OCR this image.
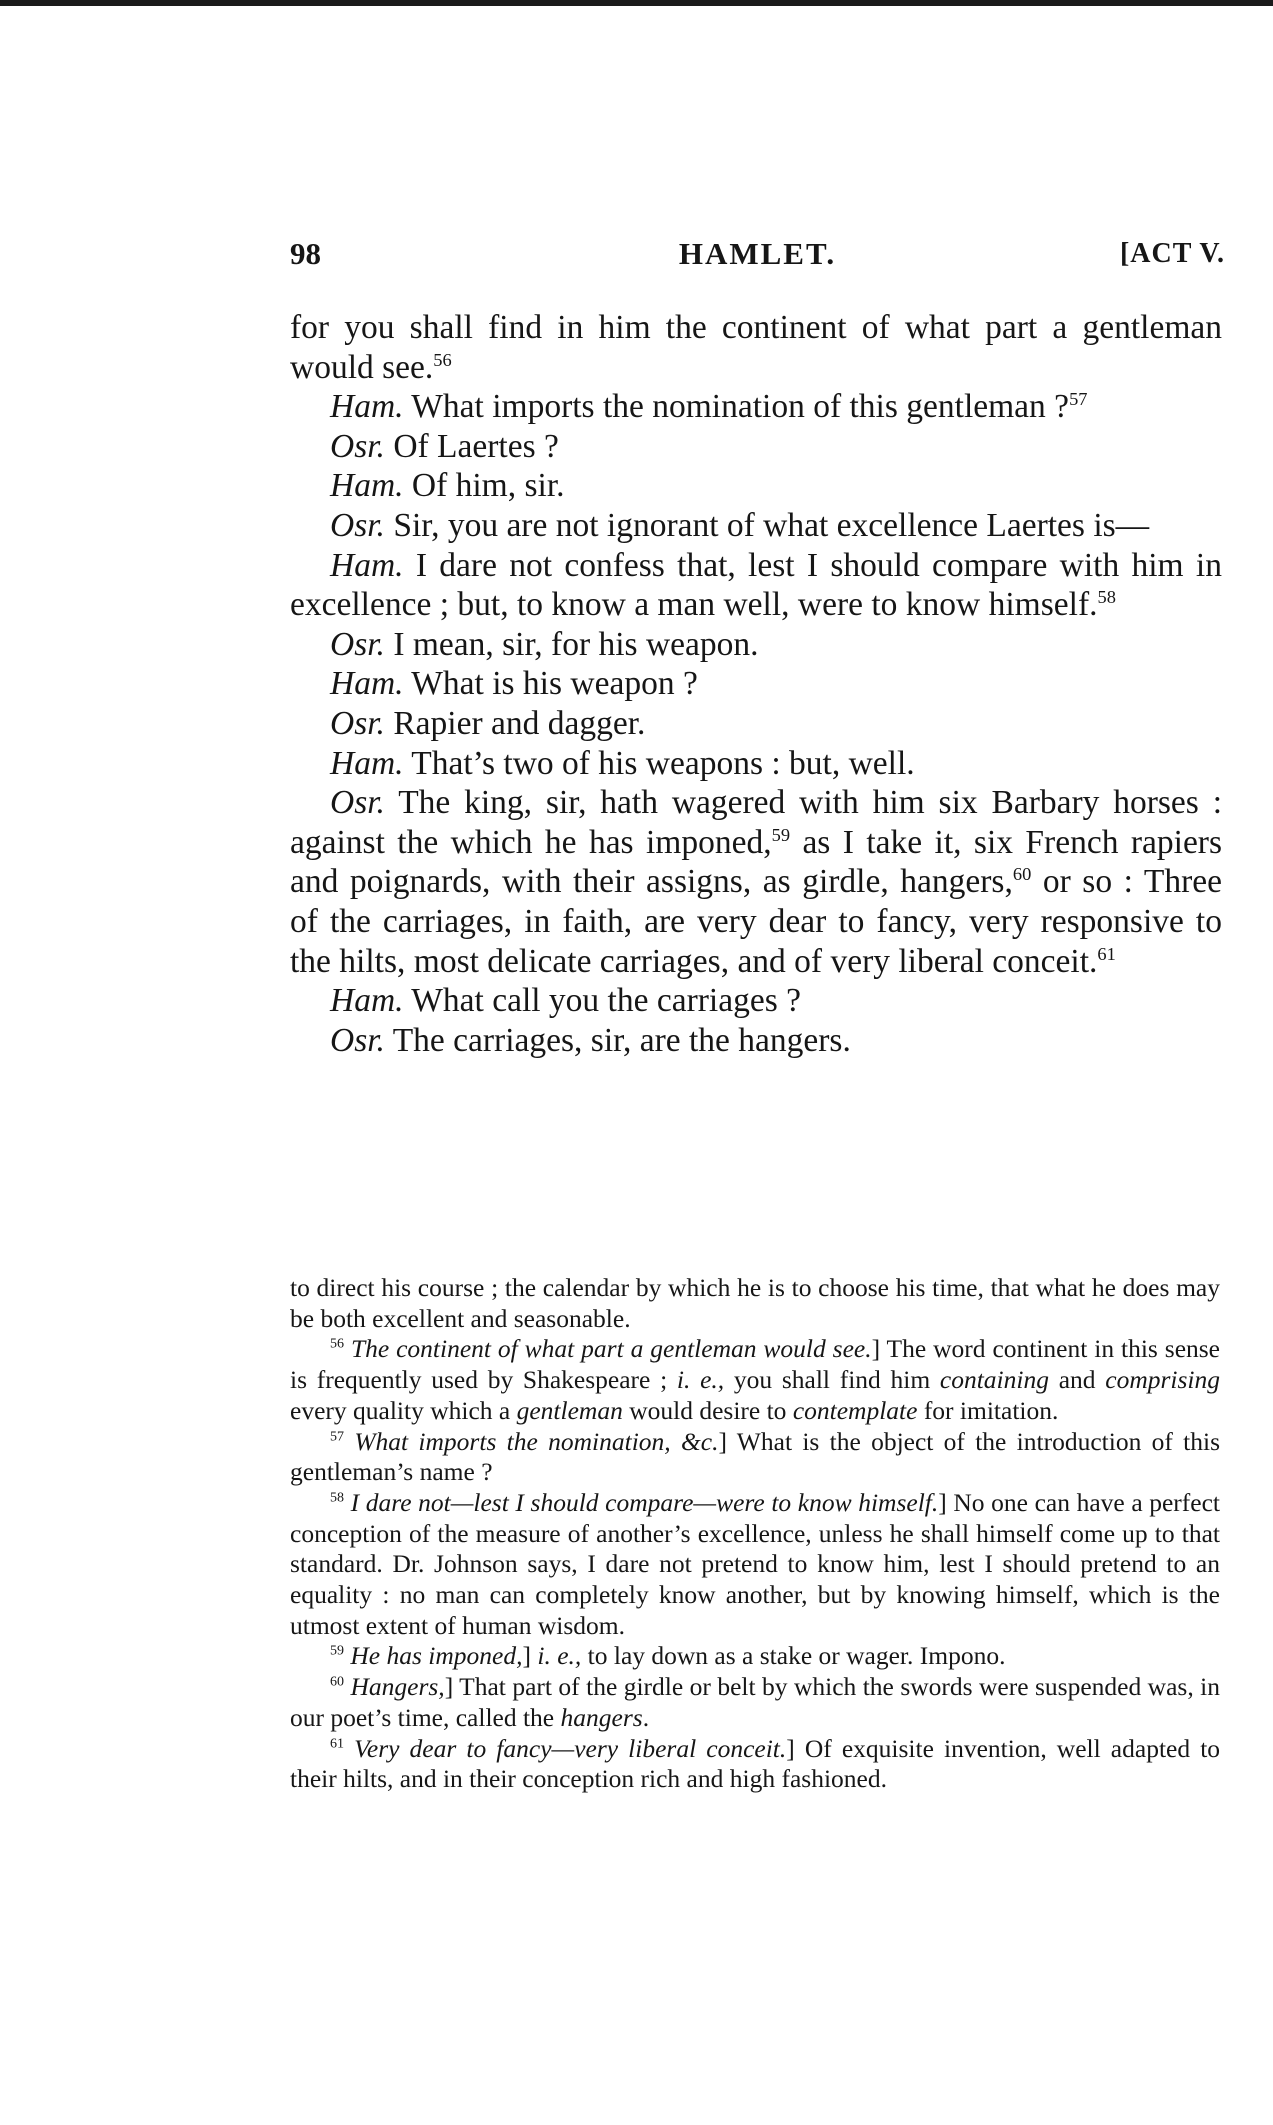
98	HAMLET.	[ACT V.

for you shall find in him the continent of what part a gentleman would see.$^{56}$

Ham. What imports the nomination of this gentleman ?$^{57}$

Osr. Of Laertes ?

Ham. Of him, sir.

Osr. Sir, you are not ignorant of what excellence Laertes is—

Ham. I dare not confess that, lest I should compare with him in excellence ; but, to know a man well, were to know himself.$^{58}$

Osr. I mean, sir, for his weapon.

Ham. What is his weapon ?

Osr. Rapier and dagger.

Ham. That’s two of his weapons : but, well.

Osr. The king, sir, hath wagered with him six Barbary horses : against the which he has imponed,$^{59}$ as I take it, six French rapiers and poignards, with their assigns, as girdle, hangers,$^{60}$ or so : Three of the carriages, in faith, are very dear to fancy, very responsive to the hilts, most delicate carriages, and of very liberal conceit.$^{61}$

Ham. What call you the carriages ?

Osr. The carriages, sir, are the hangers.

to direct his course ; the calendar by which he is to choose his time, that what he does may be both excellent and seasonable.

$^{56}$ The continent of what part a gentleman would see.] The word continent in this sense is frequently used by Shakespeare ; i. e., you shall find him containing and comprising every quality which a gentleman would desire to contemplate for imitation.

$^{57}$ What imports the nomination, &c.] What is the object of the introduction of this gentleman’s name ?

$^{58}$ I dare not—lest I should compare—were to know himself.] No one can have a perfect conception of the measure of another’s excellence, unless he shall himself come up to that standard. Dr. Johnson says, I dare not pretend to know him, lest I should pretend to an equality : no man can completely know another, but by knowing himself, which is the utmost extent of human wisdom.

$^{59}$ He has imponed,] i. e., to lay down as a stake or wager. Impono.

$^{60}$ Hangers,] That part of the girdle or belt by which the swords were suspended was, in our poet’s time, called the hangers.

$^{61}$ Very dear to fancy—very liberal conceit.] Of exquisite invention, well adapted to their hilts, and in their conception rich and high fashioned.
